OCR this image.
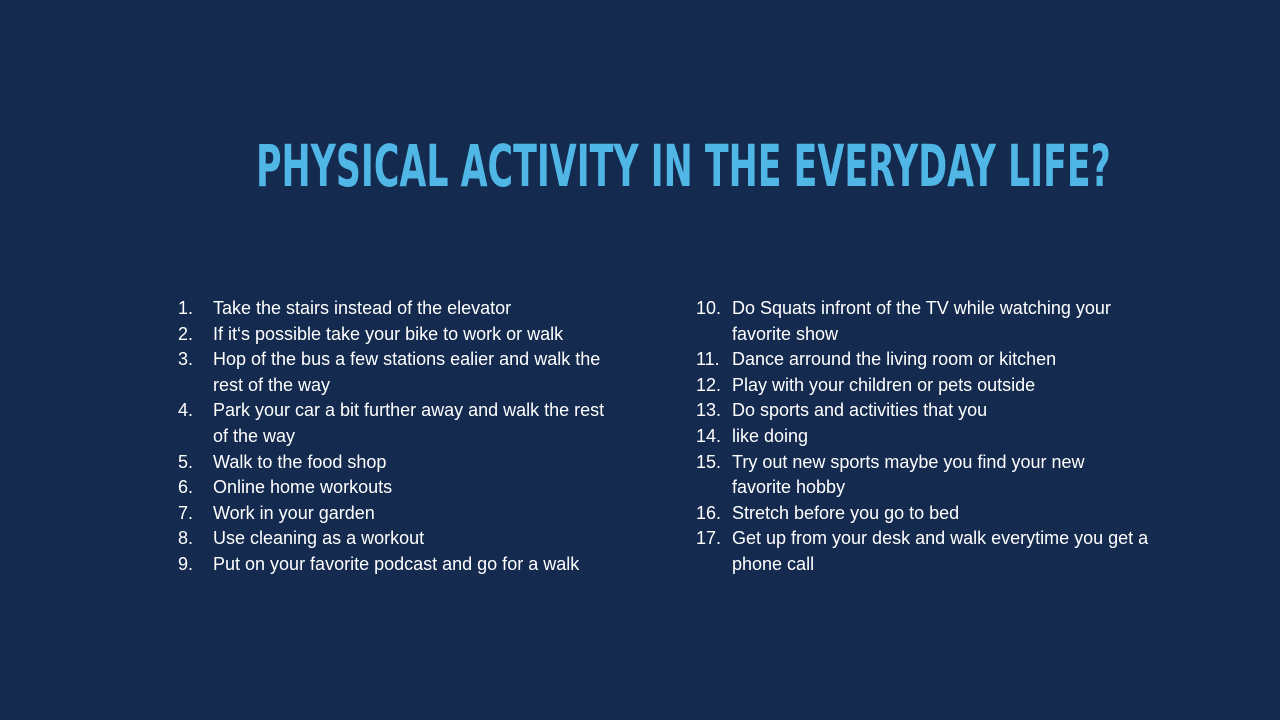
PHYSICAL ACTIVITY IN THE EVERYDAY LIFE?
1. Take the stairs instead of the elevator
2. If it‘s possible take your bike to work or walk
3. Hop of the bus a few stations ealier and walk the rest of the way
4. Park your car a bit further away and walk the rest of the way
5. Walk to the food shop
6. Online home workouts
7. Work in your garden
8. Use cleaning as a workout
9. Put on your favorite podcast and go for a walk
10. Do Squats infront of the TV while watching your favorite show
11. Dance arround the living room or kitchen
12. Play with your children or pets outside
13. Do sports and activities that you
14. like doing
15. Try out new sports maybe you find your new favorite hobby
16. Stretch before you go to bed
17. Get up from your desk and walk everytime you get a phone call
